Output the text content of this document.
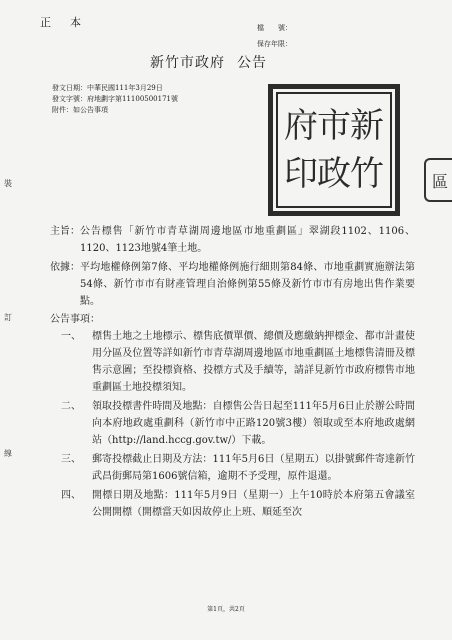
正　本	檔　　號：
保存年限：
新竹市政府 公告
發文日期：中華民國111年3月29日
發文字號：府地劃字第11100500171號
附件：如公告事項	新
竹
市
政
府
印	區
裝
訂
線
主旨： 公告標售「新竹市青草湖周邊地區市地重劃區」翠湖段1102、1106、1120、1123地號4筆土地。
依據： 平均地權條例第7條、平均地權條例施行細則第84條、市地重劃實施辦法第54條、新竹市市有財產管理自治條例第55條及新竹市市有房地出售作業要點。
公告事項：
一、	標售土地之土地標示、標售底價單價、總價及應繳納押標金、都市計畫使用分區及位置等詳如新竹市青草湖周邊地區市地重劃區土地標售清冊及標售示意圖；至投標資格、投標方式及手續等，請詳見新竹市政府標售市地重劃區土地投標須知。
二、	領取投標書件時間及地點：自標售公告日起至111年5月6日止於辦公時間向本府地政處重劃科（新竹市中正路120號3樓）領取或至本府地政處網站（http://land.hccg.gov.tw/）下載。
三、	郵寄投標截止日期及方法：111年5月6日（星期五）以掛號郵件寄達新竹武昌街郵局第1606號信箱，逾期不予受理，原件退還。
四、	開標日期及地點：111年5月9日（星期一）上午10時於本府第五會議室公開開標（開標當天如因故停止上班、順延至次
第1頁，共2頁
